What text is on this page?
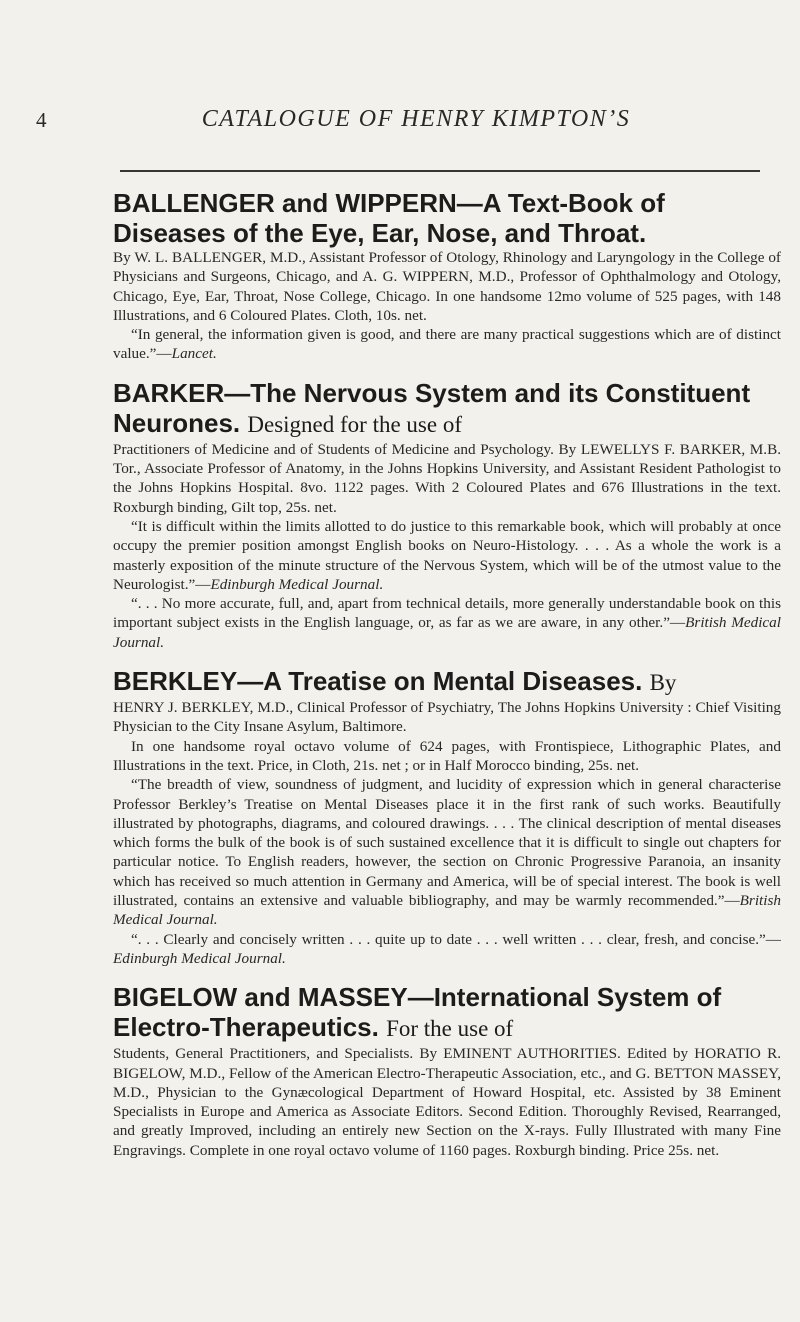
4	CATALOGUE OF HENRY KIMPTON’S
BALLENGER and WIPPERN—A Text-Book of Diseases of the Eye, Ear, Nose, and Throat.

By W. L. BALLENGER, M.D., Assistant Professor of Otology, Rhinology and Laryngology in the College of Physicians and Surgeons, Chicago, and A. G. WIPPERN, M.D., Professor of Ophthalmology and Otology, Chicago, Eye, Ear, Throat, Nose College, Chicago. In one handsome 12mo volume of 525 pages, with 148 Illustrations, and 6 Coloured Plates. Cloth, 10s. net.

“In general, the information given is good, and there are many practical suggestions which are of distinct value.”—Lancet.

BARKER—The Nervous System and its Constituent Neurones. Designed for the use of

Practitioners of Medicine and of Students of Medicine and Psychology. By LEWELLYS F. BARKER, M.B. Tor., Associate Professor of Anatomy, in the Johns Hopkins University, and Assistant Resident Pathologist to the Johns Hopkins Hospital. 8vo. 1122 pages. With 2 Coloured Plates and 676 Illustrations in the text. Roxburgh binding, Gilt top, 25s. net.

“It is difficult within the limits allotted to do justice to this remarkable book, which will probably at once occupy the premier position amongst English books on Neuro-Histology. . . . As a whole the work is a masterly exposition of the minute structure of the Nervous System, which will be of the utmost value to the Neurologist.”—Edinburgh Medical Journal.

“. . . No more accurate, full, and, apart from technical details, more generally understandable book on this important subject exists in the English language, or, as far as we are aware, in any other.”—British Medical Journal.

BERKLEY—A Treatise on Mental Diseases. By

HENRY J. BERKLEY, M.D., Clinical Professor of Psychiatry, The Johns Hopkins University : Chief Visiting Physician to the City Insane Asylum, Baltimore.

In one handsome royal octavo volume of 624 pages, with Frontispiece, Lithographic Plates, and Illustrations in the text. Price, in Cloth, 21s. net ; or in Half Morocco binding, 25s. net.

“The breadth of view, soundness of judgment, and lucidity of expression which in general characterise Professor Berkley’s Treatise on Mental Diseases place it in the first rank of such works. Beautifully illustrated by photographs, diagrams, and coloured drawings. . . . The clinical description of mental diseases which forms the bulk of the book is of such sustained excellence that it is difficult to single out chapters for particular notice. To English readers, however, the section on Chronic Progressive Paranoia, an insanity which has received so much attention in Germany and America, will be of special interest. The book is well illustrated, contains an extensive and valuable bibliography, and may be warmly recommended.”—British Medical Journal.

“. . . Clearly and concisely written . . . quite up to date . . . well written . . . clear, fresh, and concise.”—Edinburgh Medical Journal.

BIGELOW and MASSEY—International System of Electro-Therapeutics. For the use of

Students, General Practitioners, and Specialists. By EMINENT AUTHORITIES. Edited by HORATIO R. BIGELOW, M.D., Fellow of the American Electro-Therapeutic Association, etc., and G. BETTON MASSEY, M.D., Physician to the Gynæcological Department of Howard Hospital, etc. Assisted by 38 Eminent Specialists in Europe and America as Associate Editors. Second Edition. Thoroughly Revised, Rearranged, and greatly Improved, including an entirely new Section on the X-rays. Fully Illustrated with many Fine Engravings. Complete in one royal octavo volume of 1160 pages. Roxburgh binding. Price 25s. net.
